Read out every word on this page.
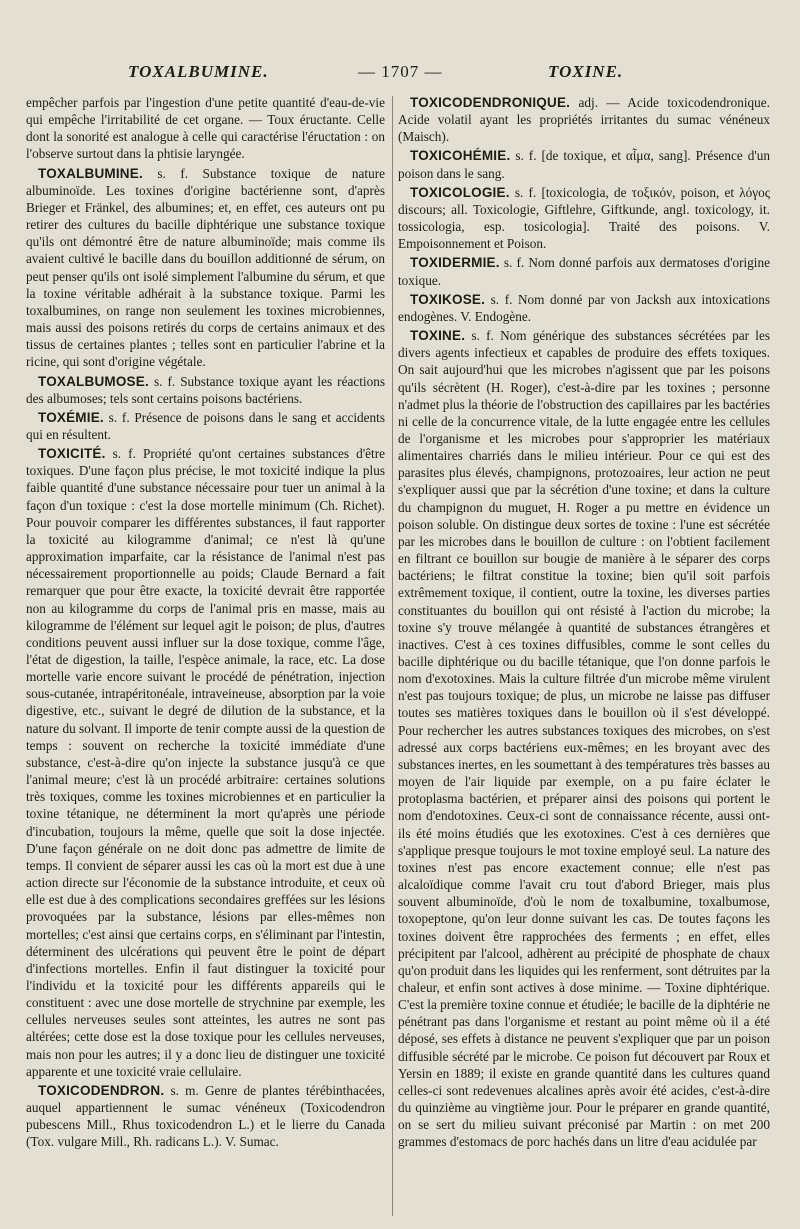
TOXALBUMINE.	— 1707 —	TOXINE.

empêcher parfois par l'ingestion d'une petite quantité d'eau-de-vie qui empêche l'irritabilité de cet organe. — Toux éructante. Celle dont la sonorité est analogue à celle qui caractérise l'éructation : on l'observe surtout dans la phtisie laryngée.

TOXALBUMINE. s. f. Substance toxique de nature albuminoïde. Les toxines d'origine bactérienne sont, d'après Brieger et Fränkel, des albumines; et, en effet, ces auteurs ont pu retirer des cultures du bacille diphtérique une substance toxique qu'ils ont démontré être de nature albuminoïde; mais comme ils avaient cultivé le bacille dans du bouillon additionné de sérum, on peut penser qu'ils ont isolé simplement l'albumine du sérum, et que la toxine véritable adhérait à la substance toxique. Parmi les toxalbumines, on range non seulement les toxines microbiennes, mais aussi des poisons retirés du corps de certains animaux et des tissus de certaines plantes ; telles sont en particulier l'abrine et la ricine, qui sont d'origine végétale.

TOXALBUMOSE. s. f. Substance toxique ayant les réactions des albumoses; tels sont certains poisons bactériens.

TOXÉMIE. s. f. Présence de poisons dans le sang et accidents qui en résultent.

TOXICITÉ. s. f. Propriété qu'ont certaines substances d'être toxiques. D'une façon plus précise, le mot toxicité indique la plus faible quantité d'une substance nécessaire pour tuer un animal à la façon d'un toxique : c'est la dose mortelle minimum (Ch. Richet). Pour pouvoir comparer les différentes substances, il faut rapporter la toxicité au kilogramme d'animal; ce n'est là qu'une approximation imparfaite, car la résistance de l'animal n'est pas nécessairement proportionnelle au poids; Claude Bernard a fait remarquer que pour être exacte, la toxicité devrait être rapportée non au kilogramme du corps de l'animal pris en masse, mais au kilogramme de l'élément sur lequel agit le poison; de plus, d'autres conditions peuvent aussi influer sur la dose toxique, comme l'âge, l'état de digestion, la taille, l'espèce animale, la race, etc. La dose mortelle varie encore suivant le procédé de pénétration, injection sous-cutanée, intrapéritonéale, intraveineuse, absorption par la voie digestive, etc., suivant le degré de dilution de la substance, et la nature du solvant. Il importe de tenir compte aussi de la question de temps : souvent on recherche la toxicité immédiate d'une substance, c'est-à-dire qu'on injecte la substance jusqu'à ce que l'animal meure; c'est là un procédé arbitraire: certaines solutions très toxiques, comme les toxines microbiennes et en particulier la toxine tétanique, ne déterminent la mort qu'après une période d'incubation, toujours la même, quelle que soit la dose injectée. D'une façon générale on ne doit donc pas admettre de limite de temps. Il convient de séparer aussi les cas où la mort est due à une action directe sur l'économie de la substance introduite, et ceux où elle est due à des complications secondaires greffées sur les lésions provoquées par la substance, lésions par elles-mêmes non mortelles; c'est ainsi que certains corps, en s'éliminant par l'intestin, déterminent des ulcérations qui peuvent être le point de départ d'infections mortelles. Enfin il faut distinguer la toxicité pour l'individu et la toxicité pour les différents appareils qui le constituent : avec une dose mortelle de strychnine par exemple, les cellules nerveuses seules sont atteintes, les autres ne sont pas altérées; cette dose est la dose toxique pour les cellules nerveuses, mais non pour les autres; il y a donc lieu de distinguer une toxicité apparente et une toxicité vraie cellulaire.

TOXICODENDRON. s. m. Genre de plantes térébinthacées, auquel appartiennent le sumac vénéneux (Toxicodendron pubescens Mill., Rhus toxicodendron L.) et le lierre du Canada (Tox. vulgare Mill., Rh. radicans L.). V. Sumac.

TOXICODENDRONIQUE. adj. — Acide toxicodendronique. Acide volatil ayant les propriétés irritantes du sumac vénéneux (Maisch).

TOXICOHÉMIE. s. f. [de toxique, et αἷμα, sang]. Présence d'un poison dans le sang.

TOXICOLOGIE. s. f. [toxicologia, de τοξικόν, poison, et λόγος discours; all. Toxicologie, Giftlehre, Giftkunde, angl. toxicology, it. tossicologia, esp. tosicologia]. Traité des poisons. V. Empoisonnement et Poison.

TOXIDERMIE. s. f. Nom donné parfois aux dermatoses d'origine toxique.

TOXIKOSE. s. f. Nom donné par von Jacksh aux intoxications endogènes. V. Endogène.

TOXINE. s. f. Nom générique des substances sécrétées par les divers agents infectieux et capables de produire des effets toxiques. On sait aujourd'hui que les microbes n'agissent que par les poisons qu'ils sécrètent (H. Roger), c'est-à-dire par les toxines ; personne n'admet plus la théorie de l'obstruction des capillaires par les bactéries ni celle de la concurrence vitale, de la lutte engagée entre les cellules de l'organisme et les microbes pour s'approprier les matériaux alimentaires charriés dans le milieu intérieur. Pour ce qui est des parasites plus élevés, champignons, protozoaires, leur action ne peut s'expliquer aussi que par la sécrétion d'une toxine; et dans la culture du champignon du muguet, H. Roger a pu mettre en évidence un poison soluble. On distingue deux sortes de toxine : l'une est sécrétée par les microbes dans le bouillon de culture : on l'obtient facilement en filtrant ce bouillon sur bougie de manière à le séparer des corps bactériens; le filtrat constitue la toxine; bien qu'il soit parfois extrêmement toxique, il contient, outre la toxine, les diverses parties constituantes du bouillon qui ont résisté à l'action du microbe; la toxine s'y trouve mélangée à quantité de substances étrangères et inactives. C'est à ces toxines diffusibles, comme le sont celles du bacille diphtérique ou du bacille tétanique, que l'on donne parfois le nom d'exotoxines. Mais la culture filtrée d'un microbe même virulent n'est pas toujours toxique; de plus, un microbe ne laisse pas diffuser toutes ses matières toxiques dans le bouillon où il s'est développé. Pour rechercher les autres substances toxiques des microbes, on s'est adressé aux corps bactériens eux-mêmes; en les broyant avec des substances inertes, en les soumettant à des températures très basses au moyen de l'air liquide par exemple, on a pu faire éclater le protoplasma bactérien, et préparer ainsi des poisons qui portent le nom d'endotoxines. Ceux-ci sont de connaissance récente, aussi ont-ils été moins étudiés que les exotoxines. C'est à ces dernières que s'applique presque toujours le mot toxine employé seul. La nature des toxines n'est pas encore exactement connue; elle n'est pas alcaloïdique comme l'avait cru tout d'abord Brieger, mais plus souvent albuminoïde, d'où le nom de toxalbumine, toxalbumose, toxopeptone, qu'on leur donne suivant les cas. De toutes façons les toxines doivent être rapprochées des ferments ; en effet, elles précipitent par l'alcool, adhèrent au précipité de phosphate de chaux qu'on produit dans les liquides qui les renferment, sont détruites par la chaleur, et enfin sont actives à dose minime. — Toxine diphtérique. C'est la première toxine connue et étudiée; le bacille de la diphtérie ne pénétrant pas dans l'organisme et restant au point même où il a été déposé, ses effets à distance ne peuvent s'expliquer que par un poison diffusible sécrété par le microbe. Ce poison fut découvert par Roux et Yersin en 1889; il existe en grande quantité dans les cultures quand celles-ci sont redevenues alcalines après avoir été acides, c'est-à-dire du quinzième au vingtième jour. Pour le préparer en grande quantité, on se sert du milieu suivant préconisé par Martin : on met 200 grammes d'estomacs de porc hachés dans un litre d'eau acidulée par
